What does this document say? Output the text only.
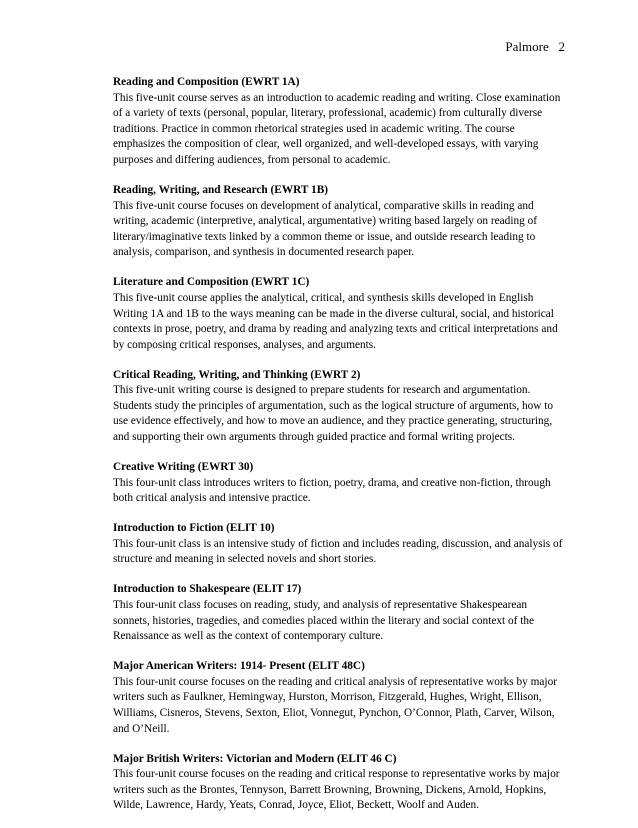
Palmore 2
Reading and Composition (EWRT 1A)
This five-unit course serves as an introduction to academic reading and writing. Close examination of a variety of texts (personal, popular, literary, professional, academic) from culturally diverse traditions. Practice in common rhetorical strategies used in academic writing. The course emphasizes the composition of clear, well organized, and well-developed essays, with varying purposes and differing audiences, from personal to academic.
Reading, Writing, and Research (EWRT 1B)
This five-unit course focuses on development of analytical, comparative skills in reading and writing, academic (interpretive, analytical, argumentative) writing based largely on reading of literary/imaginative texts linked by a common theme or issue, and outside research leading to analysis, comparison, and synthesis in documented research paper.
Literature and Composition (EWRT 1C)
This five-unit course applies the analytical, critical, and synthesis skills developed in English Writing 1A and 1B to the ways meaning can be made in the diverse cultural, social, and historical contexts in prose, poetry, and drama by reading and analyzing texts and critical interpretations and by composing critical responses, analyses, and arguments.
Critical Reading, Writing, and Thinking (EWRT 2)
This five-unit writing course is designed to prepare students for research and argumentation. Students study the principles of argumentation, such as the logical structure of arguments, how to use evidence effectively, and how to move an audience, and they practice generating, structuring, and supporting their own arguments through guided practice and formal writing projects.
Creative Writing (EWRT 30)
This four-unit class introduces writers to fiction, poetry, drama, and creative non-fiction, through both critical analysis and intensive practice.
Introduction to Fiction (ELIT 10)
This four-unit class is an intensive study of fiction and includes reading, discussion, and analysis of structure and meaning in selected novels and short stories.
Introduction to Shakespeare (ELIT 17)
This four-unit class focuses on reading, study, and analysis of representative Shakespearean sonnets, histories, tragedies, and comedies placed within the literary and social context of the Renaissance as well as the context of contemporary culture.
Major American Writers: 1914- Present (ELIT 48C)
This four-unit course focuses on the reading and critical analysis of representative works by major writers such as Faulkner, Hemingway, Hurston, Morrison, Fitzgerald, Hughes, Wright, Ellison, Williams, Cisneros, Stevens, Sexton, Eliot, Vonnegut, Pynchon, O’Connor, Plath, Carver, Wilson, and O’Neill.
Major British Writers: Victorian and Modern (ELIT 46 C)
This four-unit course focuses on the reading and critical response to representative works by major writers such as the Brontes, Tennyson, Barrett Browning, Browning, Dickens, Arnold, Hopkins, Wilde, Lawrence, Hardy, Yeats, Conrad, Joyce, Eliot, Beckett, Woolf and Auden.
